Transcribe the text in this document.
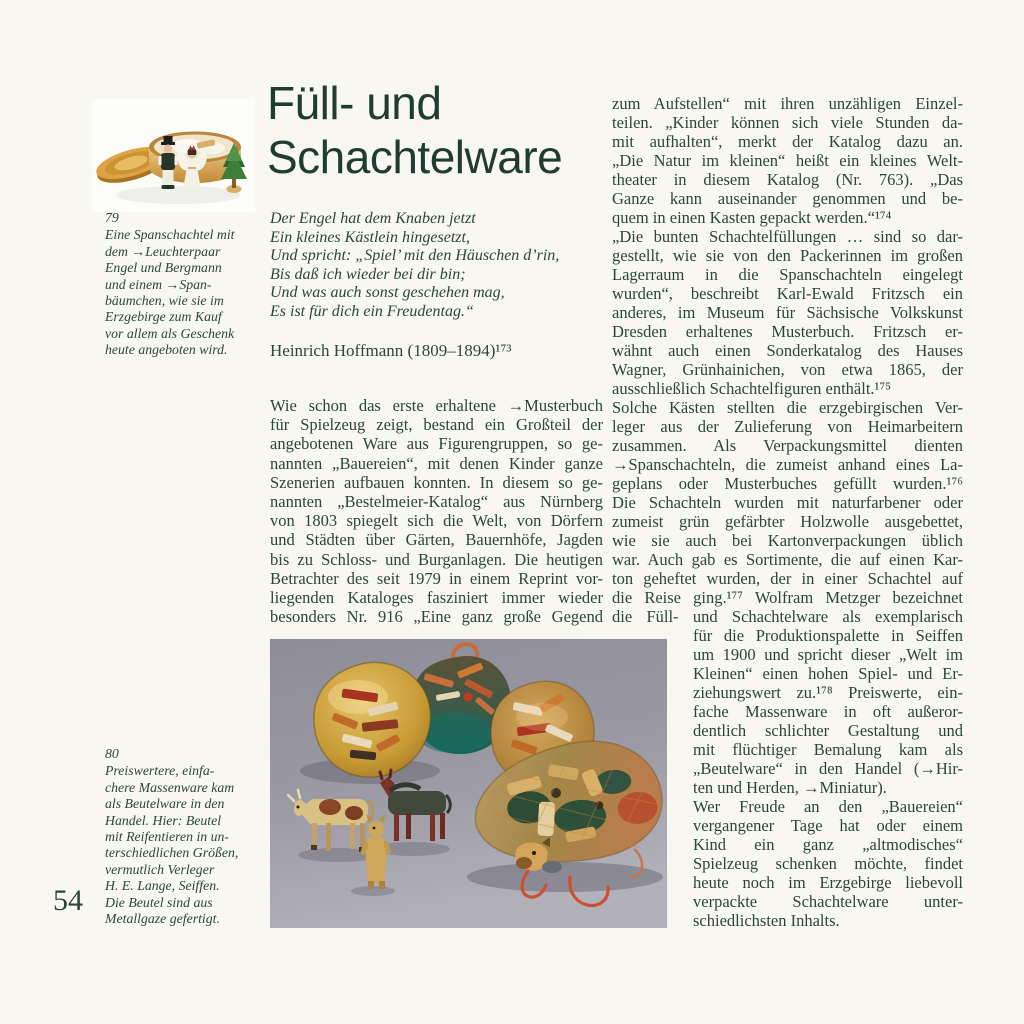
79
Eine Spanschachtel mit
dem →Leuchterpaar
Engel und Bergmann
und einem →Span-
bäumchen, wie sie im
Erzgebirge zum Kauf
vor allem als Geschenk
heute angeboten wird.
Füll- und
Schachtelware
Der Engel hat dem Knaben jetzt
Ein kleines Kästlein hingesetzt,
Und spricht: „Spiel’ mit den Häuschen d’rin,
Bis daß ich wieder bei dir bin;
Und was auch sonst geschehen mag,
Es ist für dich ein Freudentag.“
Heinrich Hoffmann (1809–1894)¹⁷³
Wie schon das erste erhaltene →Musterbuch
für Spielzeug zeigt, bestand ein Großteil der
angebotenen Ware aus Figurengruppen, so ge-
nannten „Bauereien“, mit denen Kinder ganze
Szenerien aufbauen konnten. In diesem so ge-
nannten „Bestelmeier-Katalog“ aus Nürnberg
von 1803 spiegelt sich die Welt, von Dörfern
und Städten über Gärten, Bauernhöfe, Jagden
bis zu Schloss- und Burganlagen. Die heutigen
Betrachter des seit 1979 in einem Reprint vor-
liegenden Kataloges fasziniert immer wieder
besonders Nr. 916 „Eine ganz große Gegend
zum Aufstellen“ mit ihren unzähligen Einzel-
teilen. „Kinder können sich viele Stunden da-
mit aufhalten“, merkt der Katalog dazu an.
„Die Natur im kleinen“ heißt ein kleines Welt-
theater in diesem Katalog (Nr. 763). „Das
Ganze kann auseinander genommen und be-
quem in einen Kasten gepackt werden.“¹⁷⁴
„Die bunten Schachtelfüllungen … sind so dar-
gestellt, wie sie von den Packerinnen im großen
Lagerraum in die Spanschachteln eingelegt
wurden“, beschreibt Karl-Ewald Fritzsch ein
anderes, im Museum für Sächsische Volkskunst
Dresden erhaltenes Musterbuch. Fritzsch er-
wähnt auch einen Sonderkatalog des Hauses
Wagner, Grünhainichen, von etwa 1865, der
ausschließlich Schachtelfiguren enthält.¹⁷⁵
Solche Kästen stellten die erzgebirgischen Ver-
leger aus der Zulieferung von Heimarbeitern
zusammen. Als Verpackungsmittel dienten
→Spanschachteln, die zumeist anhand eines La-
geplans oder Musterbuches gefüllt wurden.¹⁷⁶
Die Schachteln wurden mit naturfarbener oder
zumeist grün gefärbter Holzwolle ausgebettet,
wie sie auch bei Kartonverpackungen üblich
war. Auch gab es Sortimente, die auf einen Kar-
ton geheftet wurden, der in einer Schachtel auf
die Reise ging.¹⁷⁷ Wolfram Metzger bezeichnet
die Füll- und Schachtelware als exemplarisch
für die Produktionspalette in Seiffen
um 1900 und spricht dieser „Welt im
Kleinen“ einen hohen Spiel- und Er-
ziehungswert zu.¹⁷⁸ Preiswerte, ein-
fache Massenware in oft außeror-
dentlich schlichter Gestaltung und
mit flüchtiger Bemalung kam als
„Beutelware“ in den Handel (→Hir-
ten und Herden, →Miniatur).
Wer Freude an den „Bauereien“
vergangener Tage hat oder einem
Kind ein ganz „altmodisches“
Spielzeug schenken möchte, findet
heute noch im Erzgebirge liebevoll
verpackte Schachtelware unter-
schiedlichsten Inhalts.
80
Preiswertere, einfa-
chere Massenware kam
als Beutelware in den
Handel. Hier: Beutel
mit Reifentieren in un-
terschiedlichen Größen,
vermutlich Verleger
H. E. Lange, Seiffen.
Die Beutel sind aus
Metallgaze gefertigt.
54
